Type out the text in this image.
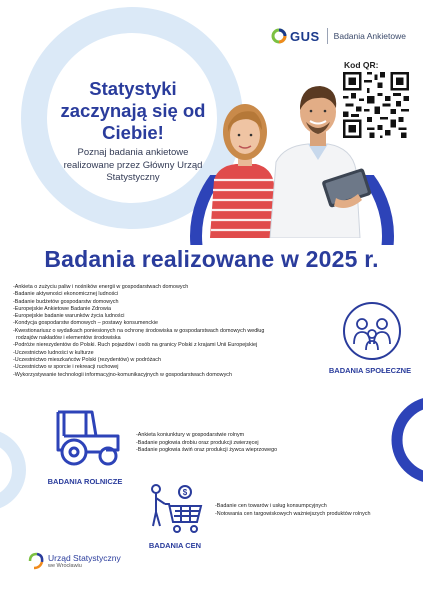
GUS Badania Ankietowe
Statystyki zaczynają się od Ciebie!
Poznaj badania ankietowe realizowane przez Główny Urząd Statystyczny
Kod QR:
Badania realizowane w 2025 r.
-Ankieta o zużyciu paliw i nośników energii w gospodarstwach domowych
-Badanie aktywności ekonomicznej ludności
-Badanie budżetów gospodarstw domowych
-Europejskie Ankietowe Badanie Zdrowia
-Europejskie badanie warunków życia ludności
-Kondycja gospodarstw domowych – postawy konsumenckie
-Kwestionariusz o wydatkach poniesionych na ochronę środowiska w gospodarstwach domowych według
rodzajów nakładów i elementów środowiska
-Podróże nierezydentów do Polski. Ruch pojazdów i osób na granicy Polski z krajami Unii Europejskiej
-Uczestnictwo ludności w kulturze
-Uczestnictwo mieszkańców Polski (rezydentów) w podróżach
-Uczestnictwo w sporcie i rekreacji ruchowej
-Wykorzystywanie technologii informacyjno-komunikacyjnych w gospodarstwach domowych	BADANIA SPOŁECZNE
BADANIA ROLNICZE
-Ankieta koniunktury w gospodarstwie rolnym
-Badanie pogłowia drobiu oraz produkcji zwierzęcej
-Badanie pogłowia świń oraz produkcji żywca wieprzowego
$
BADANIA CEN
-Badanie cen towarów i usług konsumpcyjnych
-Notowania cen targowiskowych ważniejszych produktów rolnych
Urząd Statystyczny
we Wrocławiu
